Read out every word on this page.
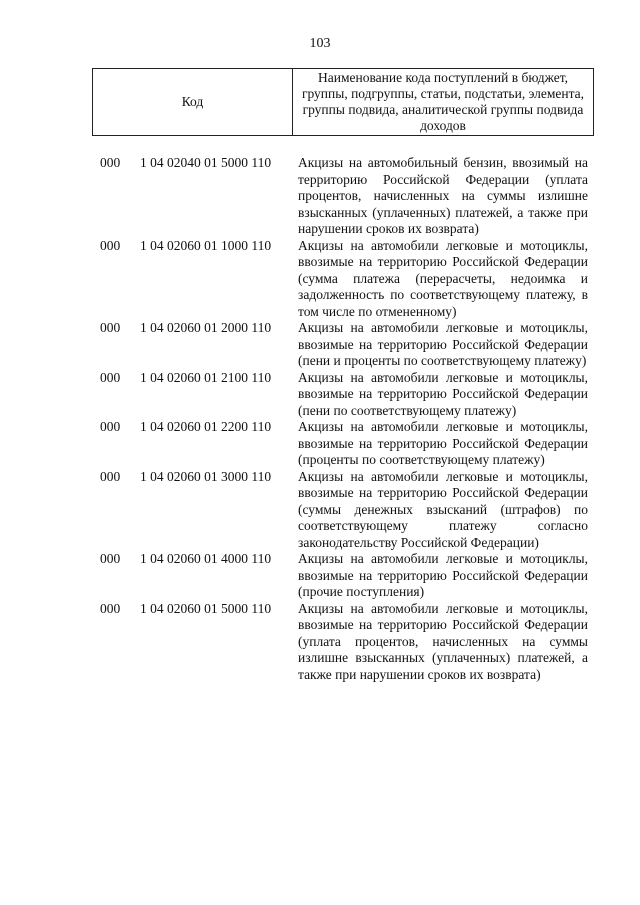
103
Код
Наименование кода поступлений в бюджет, группы, подгруппы, статьи, подстатьи, элемента, группы подвида, аналитической группы подвида доходов
000	1 04 02040 01 5000 110	Акцизы на автомобильный бензин, ввозимый на территорию Российской Федерации (уплата процентов, начисленных на суммы излишне взысканных (уплаченных) платежей, а также при нарушении сроков их возврата)
000	1 04 02060 01 1000 110	Акцизы на автомобили легковые и мотоциклы, ввозимые на территорию Российской Федерации (сумма платежа (перерасчеты, недоимка и задолженность по соответствующему платежу, в том числе по отмененному)
000	1 04 02060 01 2000 110	Акцизы на автомобили легковые и мотоциклы, ввозимые на территорию Российской Федерации (пени и проценты по соответствующему платежу)
000	1 04 02060 01 2100 110	Акцизы на автомобили легковые и мотоциклы, ввозимые на территорию Российской Федерации (пени по соответствующему платежу)
000	1 04 02060 01 2200 110	Акцизы на автомобили легковые и мотоциклы, ввозимые на территорию Российской Федерации (проценты по соответствующему платежу)
000	1 04 02060 01 3000 110	Акцизы на автомобили легковые и мотоциклы, ввозимые на территорию Российской Федерации (суммы денежных взысканий (штрафов) по соответствующему платежу согласно законодательству Российской Федерации)
000	1 04 02060 01 4000 110	Акцизы на автомобили легковые и мотоциклы, ввозимые на территорию Российской Федерации (прочие поступления)
000	1 04 02060 01 5000 110	Акцизы на автомобили легковые и мотоциклы, ввозимые на территорию Российской Федерации (уплата процентов, начисленных на суммы излишне взысканных (уплаченных) платежей, а также при нарушении сроков их возврата)
